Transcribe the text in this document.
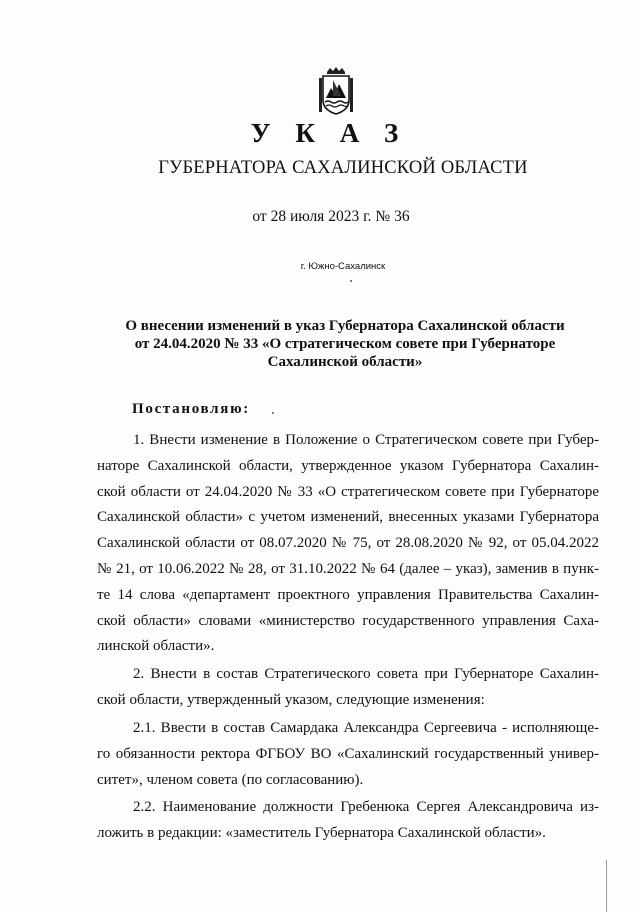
У К А З
ГУБЕРНАТОРА САХАЛИНСКОЙ ОБЛАСТИ
от 28 июля 2023 г. № 36
г. Южно-Сахалинск
О внесении изменений в указ Губернатора Сахалинской области
от 24.04.2020 № 33 «О стратегическом совете при Губернаторе
Сахалинской области»
Постановляю:
1. Внести изменение в Положение о Стратегическом совете при Губер-
наторе Сахалинской области, утвержденное указом Губернатора Сахалин-
ской области от 24.04.2020 № 33 «О стратегическом совете при Губернаторе
Сахалинской области» с учетом изменений, внесенных указами Губернатора
Сахалинской области от 08.07.2020 № 75, от 28.08.2020 № 92, от 05.04.2022
№ 21, от 10.06.2022 № 28, от 31.10.2022 № 64 (далее – указ), заменив в пунк-
те 14 слова «департамент проектного управления Правительства Сахалин-
ской области» словами «министерство государственного управления Саха-
линской области».
2. Внести в состав Стратегического совета при Губернаторе Сахалин-
ской области, утвержденный указом, следующие изменения:
2.1. Ввести в состав Самардака Александра Сергеевича - исполняюще-
го обязанности ректора ФГБОУ ВО «Сахалинский государственный универ-
ситет», членом совета (по согласованию).
2.2. Наименование должности Гребенюка Сергея Александровича из-
ложить в редакции: «заместитель Губернатора Сахалинской области».
